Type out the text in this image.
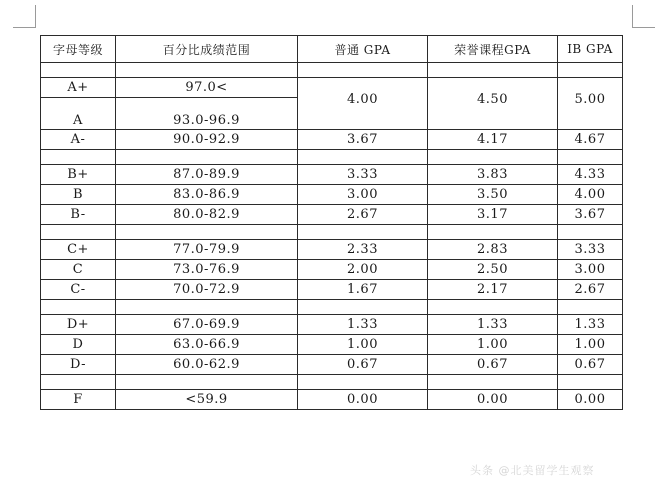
字母等级	百分比成绩范围	普通 GPA	荣誉课程GPA	IB GPA

A+	97.0<	4.00	4.50	5.00
A	93.0-96.9			
A-	90.0-92.9	3.67	4.17	4.67

B+	87.0-89.9	3.33	3.83	4.33
B	83.0-86.9	3.00	3.50	4.00
B-	80.0-82.9	2.67	3.17	3.67

C+	77.0-79.9	2.33	2.83	3.33
C	73.0-76.9	2.00	2.50	3.00
C-	70.0-72.9	1.67	2.17	2.67

D+	67.0-69.9	1.33	1.33	1.33
D	63.0-66.9	1.00	1.00	1.00
D-	60.0-62.9	0.67	0.67	0.67

F	<59.9	0.00	0.00	0.00
头条 @北美留学生观察
